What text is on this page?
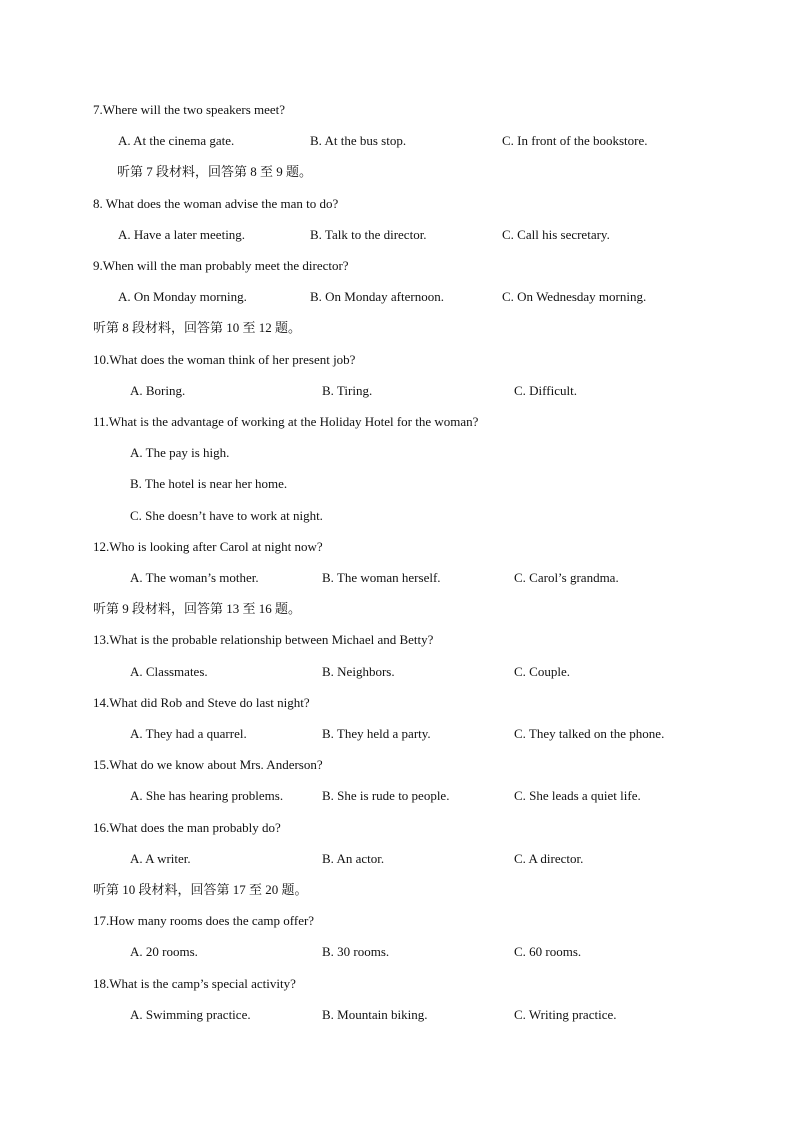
7.Where will the two speakers meet?
A. At the cinema gate.	B. At the bus stop.	C. In front of the bookstore.
听第 7 段材料，回答第 8 至 9 题。
8. What does the woman advise the man to do?
A. Have a later meeting.	B. Talk to the director.	C. Call his secretary.
9.When will the man probably meet the director?
A. On Monday morning.	B. On Monday afternoon.	C. On Wednesday morning.
听第 8 段材料，回答第 10 至 12 题。
10.What does the woman think of her present job?
A. Boring.	B. Tiring.	C. Difficult.
11.What is the advantage of working at the Holiday Hotel for the woman?
A. The pay is high.
B. The hotel is near her home.
C. She doesn’t have to work at night.
12.Who is looking after Carol at night now?
A. The woman’s mother.	B. The woman herself.	C. Carol’s grandma.
听第 9 段材料，回答第 13 至 16 题。
13.What is the probable relationship between Michael and Betty?
A. Classmates.	B. Neighbors.	C. Couple.
14.What did Rob and Steve do last night?
A. They had a quarrel.	B. They held a party.	C. They talked on the phone.
15.What do we know about Mrs. Anderson?
A. She has hearing problems.	B. She is rude to people.	C. She leads a quiet life.
16.What does the man probably do?
A. A writer.	B. An actor.	C. A director.
听第 10 段材料，回答第 17 至 20 题。
17.How many rooms does the camp offer?
A. 20 rooms.	B. 30 rooms.	C. 60 rooms.
18.What is the camp’s special activity?
A. Swimming practice.	B. Mountain biking.	C. Writing practice.
